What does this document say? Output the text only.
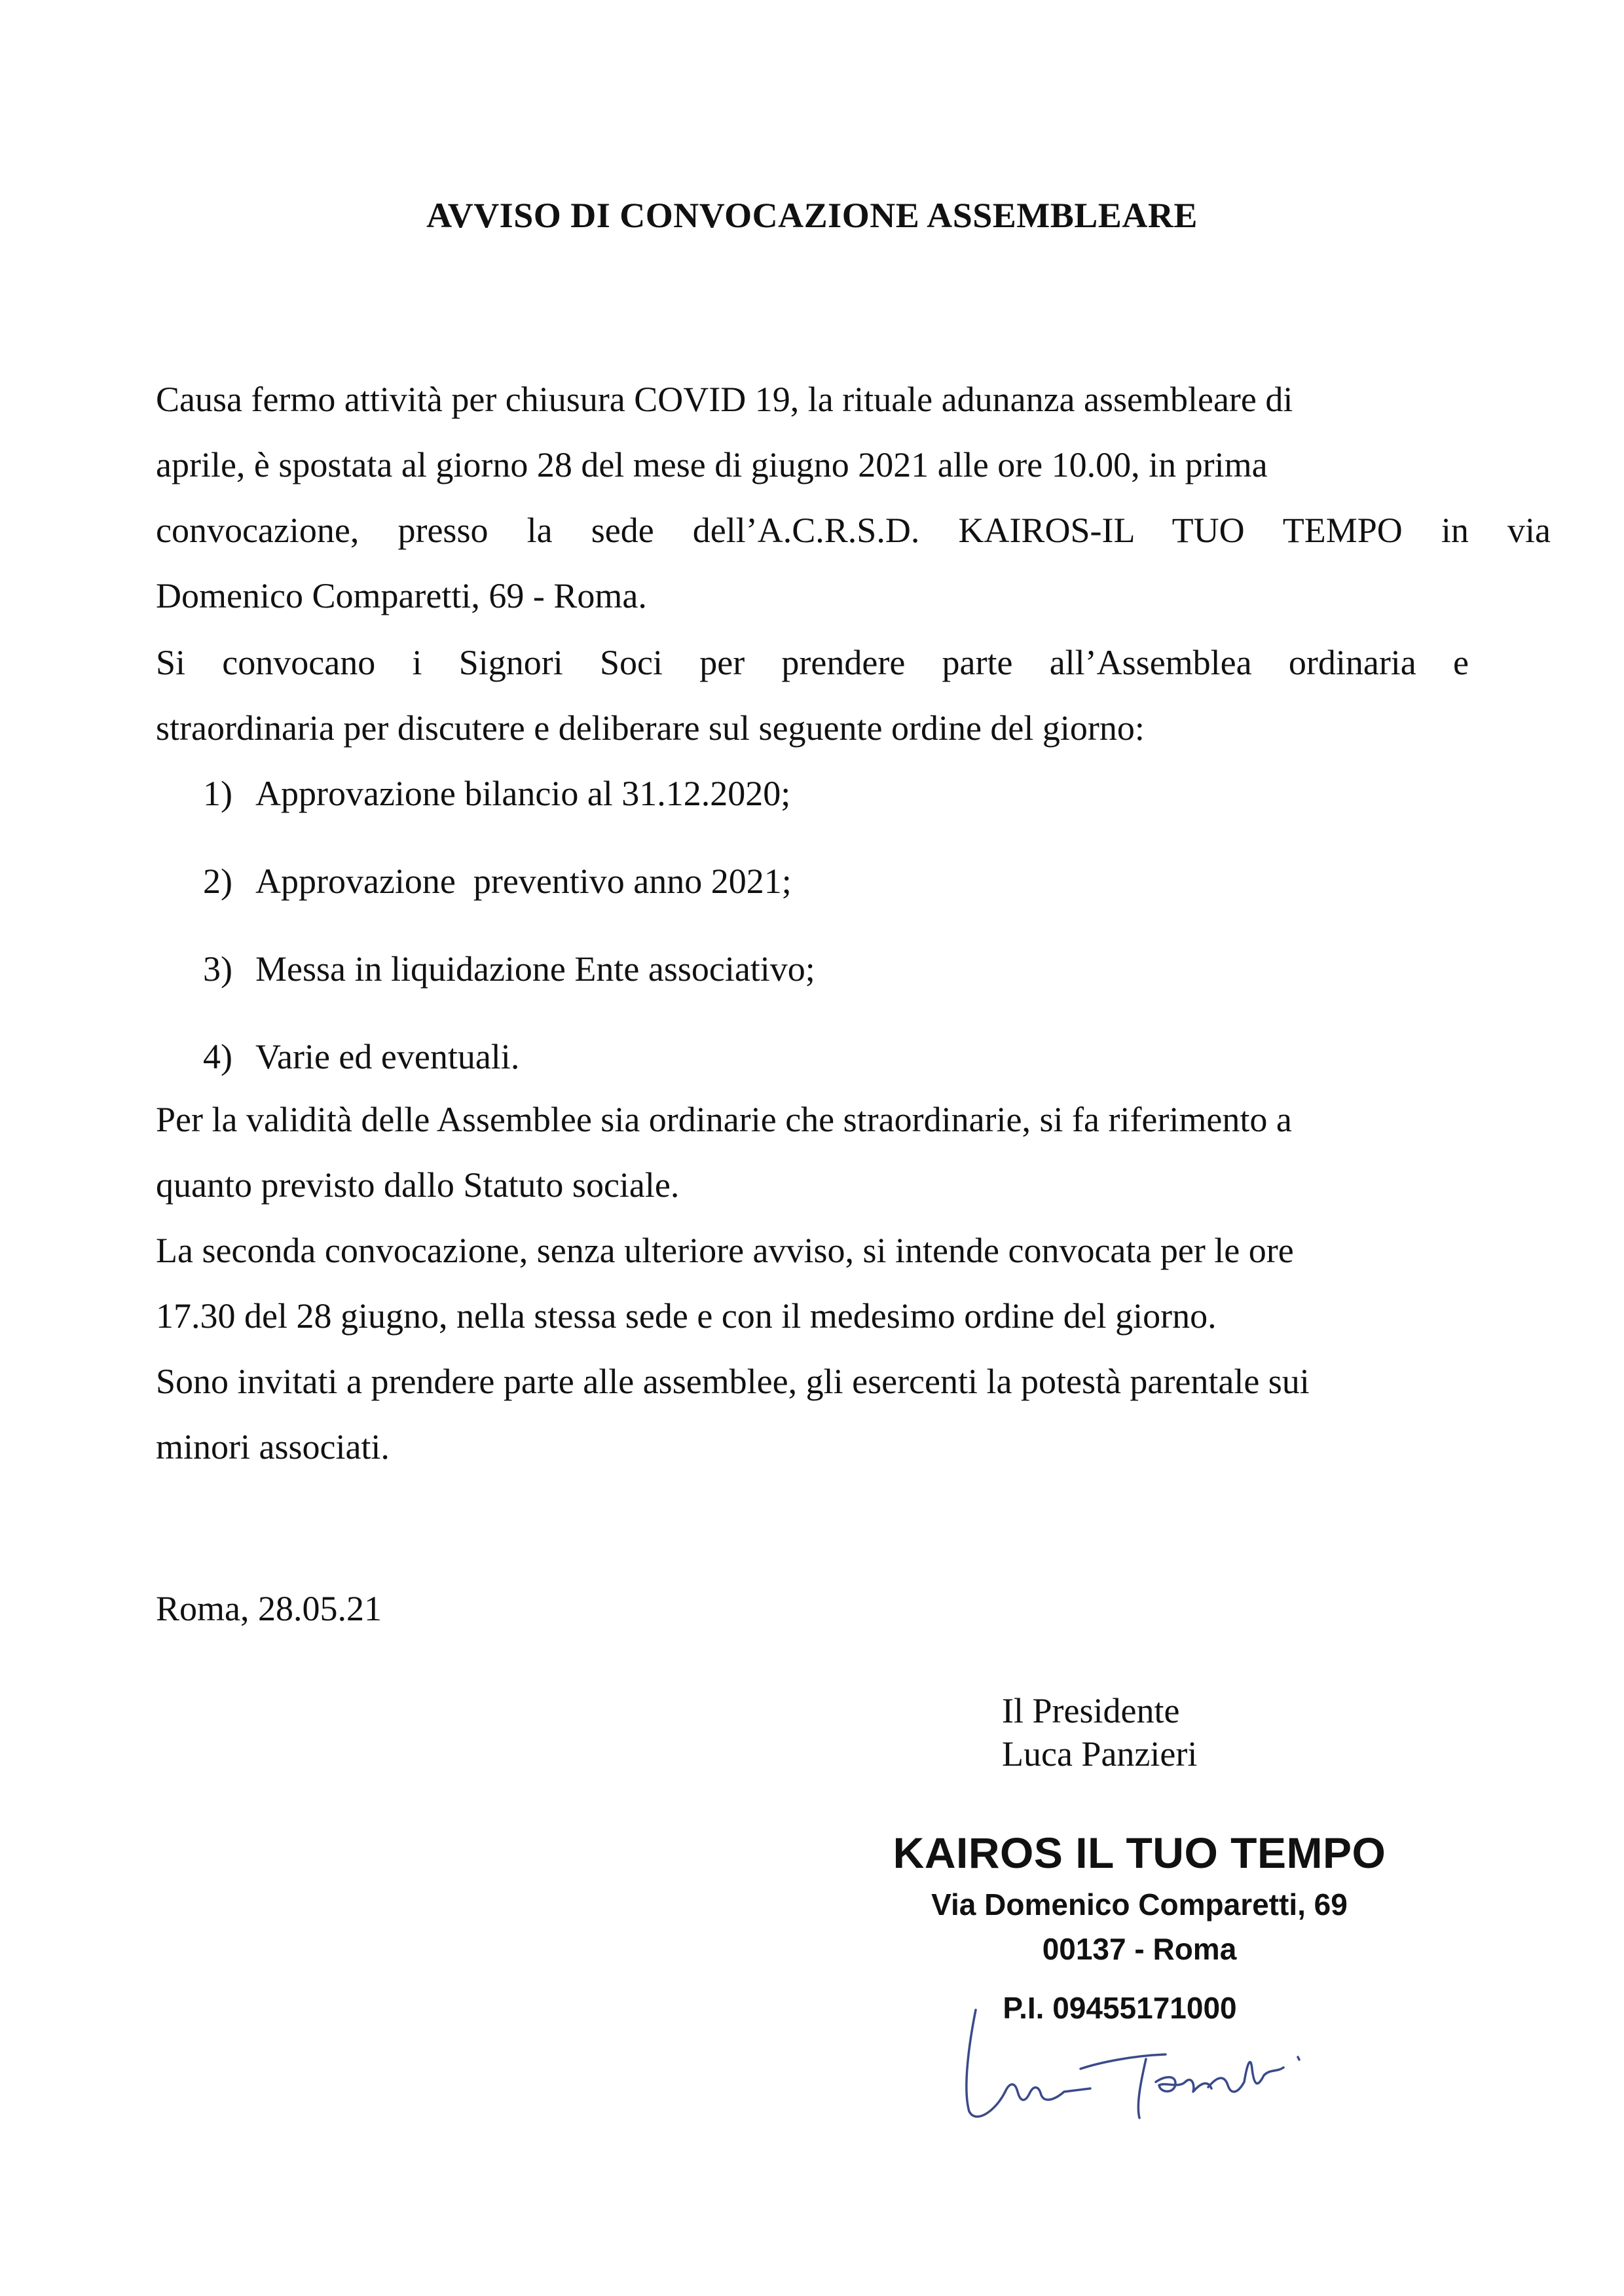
AVVISO DI CONVOCAZIONE ASSEMBLEARE
Causa fermo attività per chiusura COVID 19, la rituale adunanza assembleare di
aprile, è spostata al giorno 28 del mese di giugno 2021 alle ore 10.00, in prima
convocazione, presso la sede dell’A.C.R.S.D. KAIROS-IL TUO TEMPO in via
Domenico Comparetti, 69 - Roma.
Si convocano i Signori Soci per prendere parte all’Assemblea ordinaria e
straordinaria per discutere e deliberare sul seguente ordine del giorno:
1) Approvazione bilancio al 31.12.2020;
2) Approvazione  preventivo anno 2021;
3) Messa in liquidazione Ente associativo;
4) Varie ed eventuali.
Per la validità delle Assemblee sia ordinarie che straordinarie, si fa riferimento a
quanto previsto dallo Statuto sociale.
La seconda convocazione, senza ulteriore avviso, si intende convocata per le ore
17.30 del 28 giugno, nella stessa sede e con il medesimo ordine del giorno.
Sono invitati a prendere parte alle assemblee, gli esercenti la potestà parentale sui
minori associati.
Roma, 28.05.21
Il Presidente
Luca Panzieri
KAIROS IL TUO TEMPO
Via Domenico Comparetti, 69
00137 - Roma
P.I. 09455171000
